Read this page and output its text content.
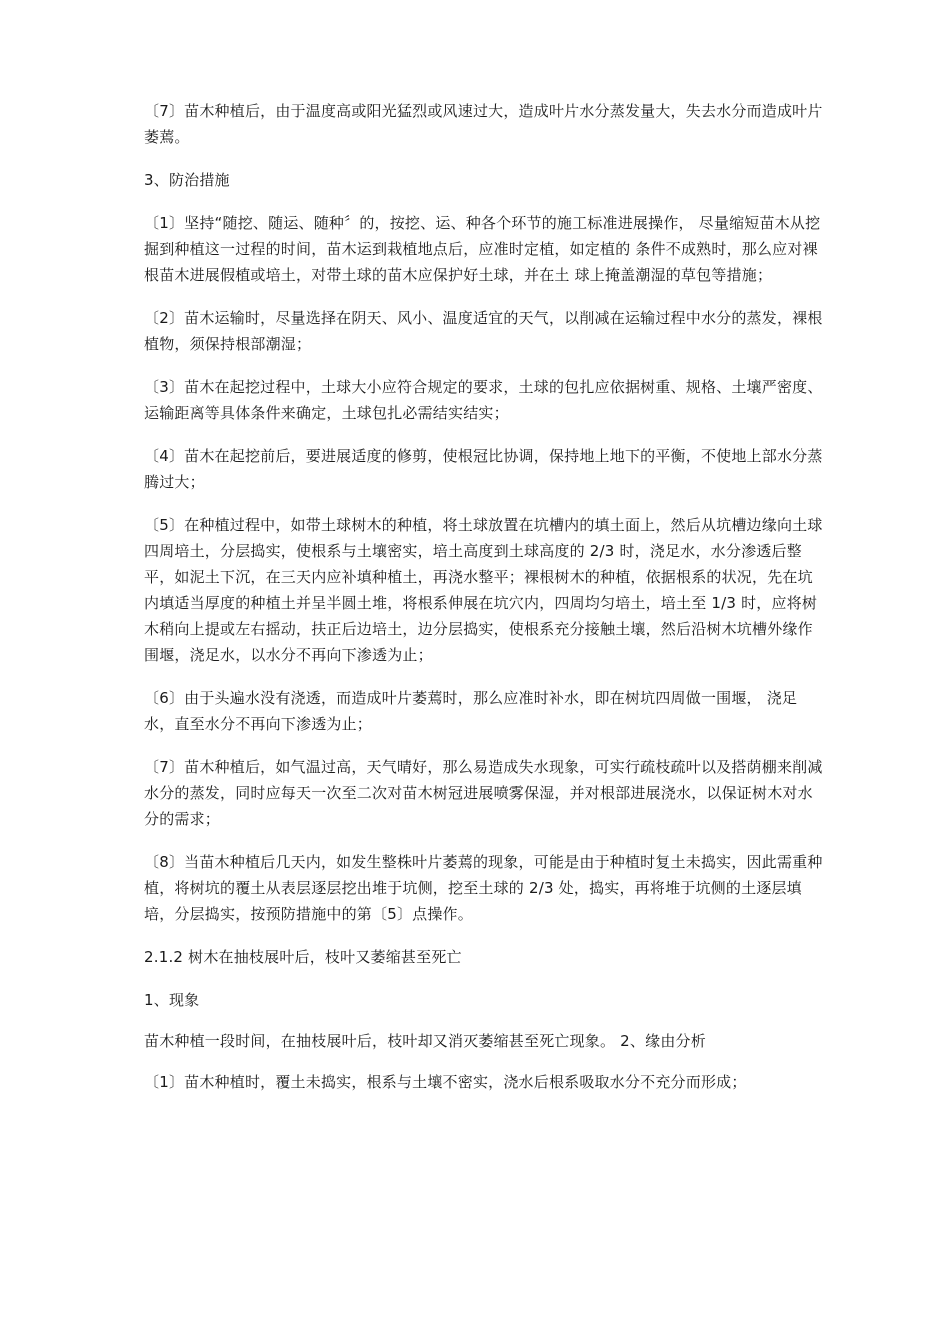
〔7〕苗木种植后，由于温度高或阳光猛烈或风速过大，造成叶片水分蒸发量大，失去水分而造成叶片萎蔫。

3、防治措施

〔1〕坚持“随挖、随运、随种〞的，按挖、运、种各个环节的施工标准进展操作， 尽量缩短苗木从挖掘到种植这一过程的时间，苗木运到栽植地点后，应准时定植，如定植的 条件不成熟时，那么应对裸根苗木进展假植或培土，对带土球的苗木应保护好土球，并在土 球上掩盖潮湿的草包等措施；

〔2〕苗木运输时，尽量选择在阴天、风小、温度适宜的天气，以削减在运输过程中水分的蒸发，裸根植物，须保持根部潮湿；

〔3〕苗木在起挖过程中，土球大小应符合规定的要求，土球的包扎应依据树重、规格、土壤严密度、运输距离等具体条件来确定，土球包扎必需结实结实；

〔4〕苗木在起挖前后，要进展适度的修剪，使根冠比协调，保持地上地下的平衡，不使地上部水分蒸腾过大；

〔5〕在种植过程中，如带土球树木的种植，将土球放置在坑槽内的填土面上，然后从坑槽边缘向土球四周培土，分层捣实，使根系与土壤密实，培土高度到土球高度的 2/3 时，浇足水，水分渗透后整平，如泥土下沉，在三天内应补填种植土，再浇水整平；裸根树木的种植，依据根系的状况，先在坑内填适当厚度的种植土并呈半圆土堆，将根系伸展在坑穴内，四周均匀培土，培土至 1/3 时，应将树木稍向上提或左右摇动，扶正后边培土，边分层捣实，使根系充分接触土壤，然后沿树木坑槽外缘作围堰，浇足水，以水分不再向下渗透为止；

〔6〕由于头遍水没有浇透，而造成叶片萎蔫时，那么应准时补水，即在树坑四周做一围堰， 浇足水，直至水分不再向下渗透为止；

〔7〕苗木种植后，如气温过高，天气晴好，那么易造成失水现象，可实行疏枝疏叶以及搭荫棚来削减水分的蒸发，同时应每天一次至二次对苗木树冠进展喷雾保湿，并对根部进展浇水，以保证树木对水分的需求；

〔8〕当苗木种植后几天内，如发生整株叶片萎蔫的现象，可能是由于种植时复土未捣实，因此需重种植，将树坑的覆土从表层逐层挖出堆于坑侧，挖至土球的 2/3 处，捣实，再将堆于坑侧的土逐层填培，分层捣实，按预防措施中的第〔5〕点操作。

2.1.2 树木在抽枝展叶后，枝叶又萎缩甚至死亡

1、现象

苗木种植一段时间，在抽枝展叶后，枝叶却又消灭萎缩甚至死亡现象。 2、缘由分析

〔1〕苗木种植时，覆土未捣实，根系与土壤不密实，浇水后根系吸取水分不充分而形成；
